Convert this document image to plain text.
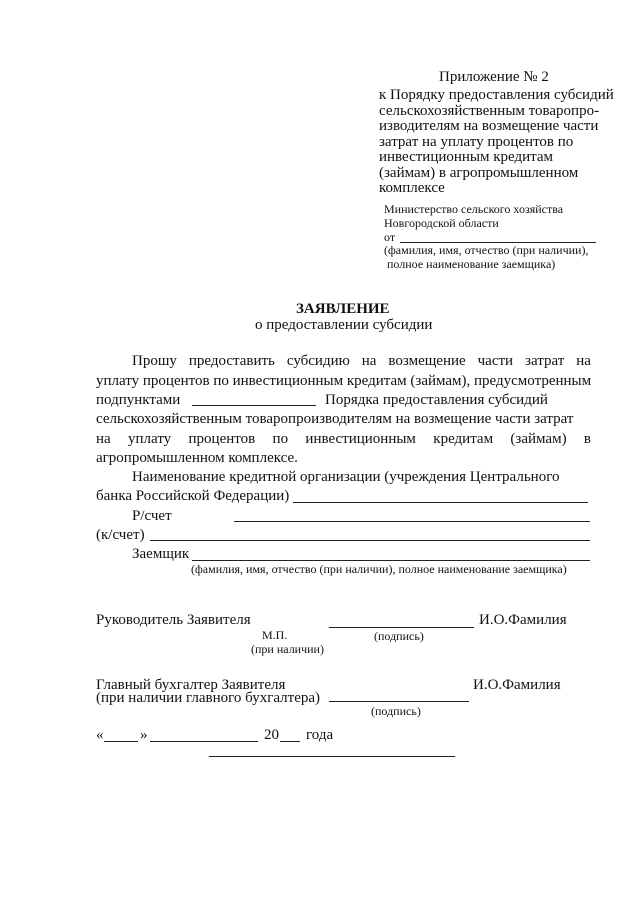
Приложение № 2
к Порядку предоставления субсидий
сельскохозяйственным товаропро-
изводителям на возмещение части
затрат на уплату процентов по
инвестиционным кредитам
(займам) в агропромышленном
комплексе
Министерство сельского хозяйства
Новгородской области
от
(фамилия, имя, отчество (при наличии),
полное наименование заемщика)
ЗАЯВЛЕНИЕ
о предоставлении субсидии
Прошу предоставить субсидию на возмещение части затрат на
уплату процентов по инвестиционным кредитам (займам), предусмотренным
подпунктами	Порядка предоставления субсидий
сельскохозяйственным товаропроизводителям на возмещение части затрат
на уплату процентов по инвестиционным кредитам (займам) в
агропромышленном комплексе.
Наименование кредитной организации (учреждения Центрального
банка Российской Федерации)
Р/счет
(к/счет)
Заемщик
(фамилия, имя, отчество (при наличии), полное наименование заемщика)
Руководитель Заявителя	И.О.Фамилия
М.П.	(подпись)
(при наличии)
Главный бухгалтер Заявителя
(при наличии главного бухгалтера)
И.О.Фамилия
(подпись)
« »	20 года
